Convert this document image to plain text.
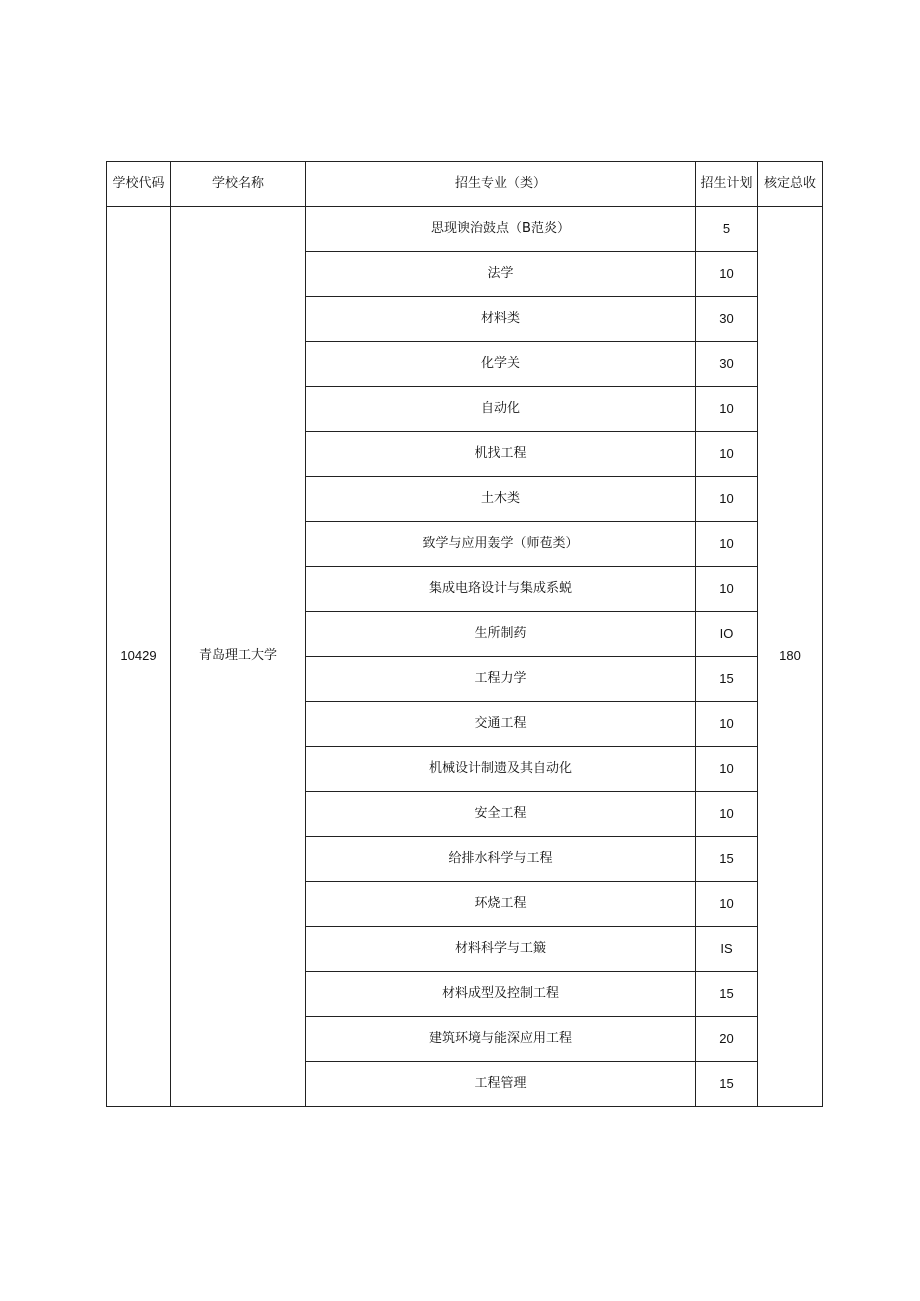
学校代码	学校名称	招生专业（类）	招生计划	核定总收
10429	青岛理工大学	思现谀治鼓点（B范炎）	5	180
		法学	10	
		材料类	30	
		化学关	30	
		自动化	10	
		机找工程	10	
		土木类	10	
		致学与应用轰学（师苞类）	10	
		集成电珞设计与集成系蜕	10	
		生所制药	IO	
		工程力学	15	
		交通工程	10	
		机械设计制遗及其自动化	10	
		安全工程	10	
		给排水科学与工程	15	
		环烧工程	10	
		材料科学与工簸	IS	
		材料成型及控制工程	15	
		建筑环境与能深应用工程	20	
		工程管理	15	
